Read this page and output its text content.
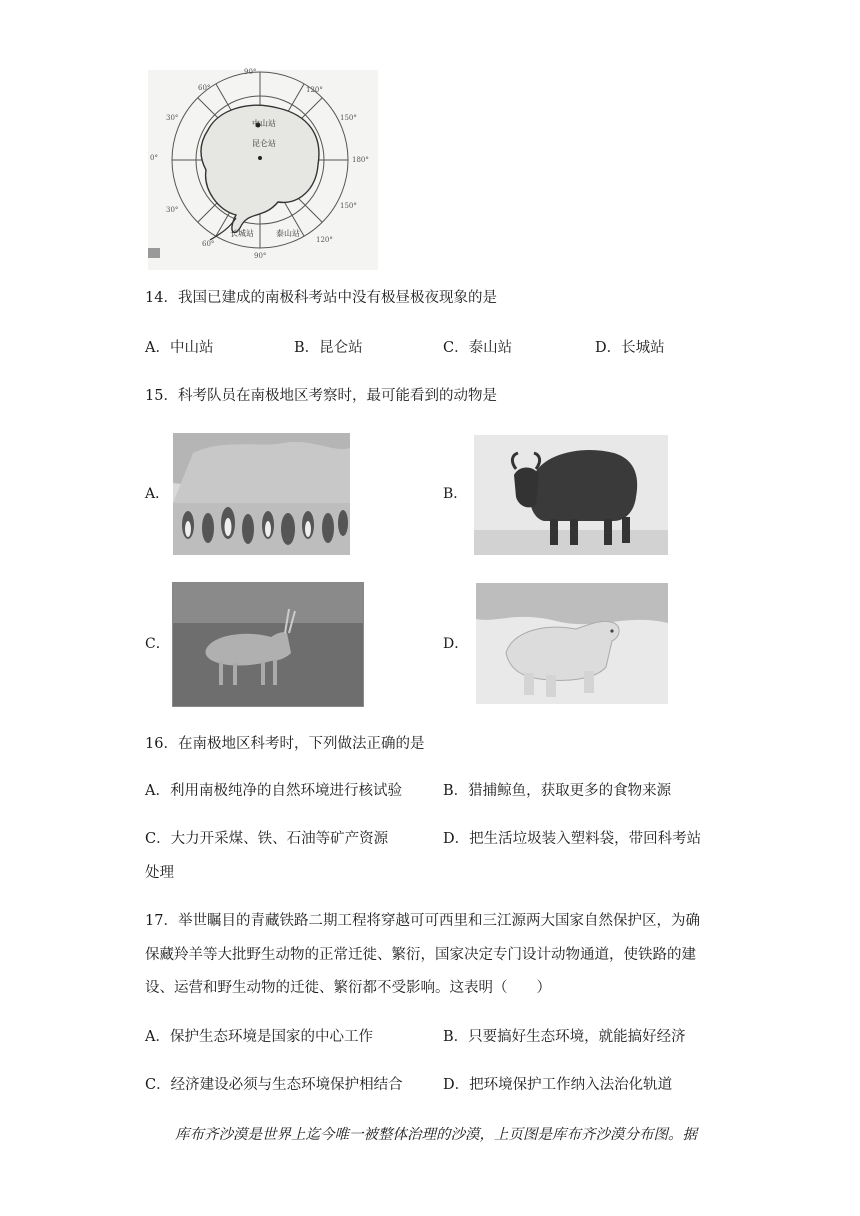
中山站
昆仑站
长城站	泰山站
90°
120°
150°
180°
150°
120°
90°
60°
30°
0°
30°
60°
14．我国已建成的南极科考站中没有极昼极夜现象的是
A．中山站	B．昆仑站	C．泰山站	D．长城站
15．科考队员在南极地区考察时，最可能看到的动物是
A．	B．
C．	D．
16．在南极地区科考时，下列做法正确的是
A．利用南极纯净的自然环境进行核试验	B．猎捕鲸鱼，获取更多的食物来源
C．大力开采煤、铁、石油等矿产资源	D．把生活垃圾装入塑料袋，带回科考站
处理
17．举世瞩目的青藏铁路二期工程将穿越可可西里和三江源两大国家自然保护区，为确
保藏羚羊等大批野生动物的正常迁徙、繁衍，国家决定专门设计动物通道，使铁路的建
设、运营和野生动物的迁徙、繁衍都不受影响。这表明（　　）
A．保护生态环境是国家的中心工作	B．只要搞好生态环境，就能搞好经济
C．经济建设必须与生态环境保护相结合	D．把环境保护工作纳入法治化轨道
库布齐沙漠是世界上迄今唯一被整体治理的沙漠，上页图是库布齐沙漠分布图。据
